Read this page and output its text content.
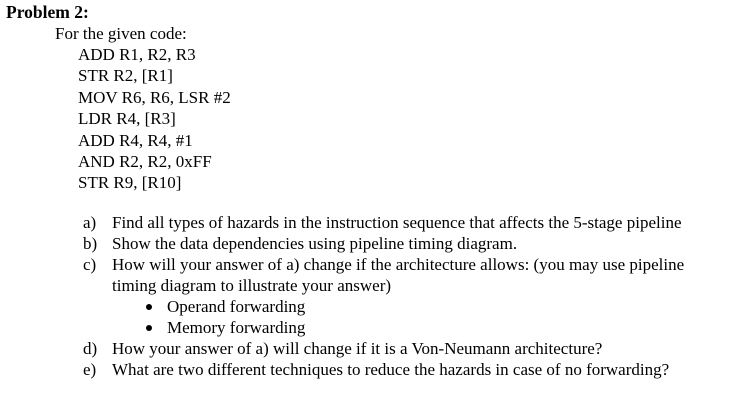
Problem 2:
For the given code:
ADD R1, R2, R3
STR R2, [R1]
MOV R6, R6, LSR #2
LDR R4, [R3]
ADD R4, R4, #1
AND R2, R2, 0xFF
STR R9, [R10]
a) Find all types of hazards in the instruction sequence that affects the 5-stage pipeline
b) Show the data dependencies using pipeline timing diagram.
c) How will your answer of a) change if the architecture allows: (you may use pipeline
timing diagram to illustrate your answer)
Operand forwarding
Memory forwarding
d) How your answer of a) will change if it is a Von-Neumann architecture?
e) What are two different techniques to reduce the hazards in case of no forwarding?
